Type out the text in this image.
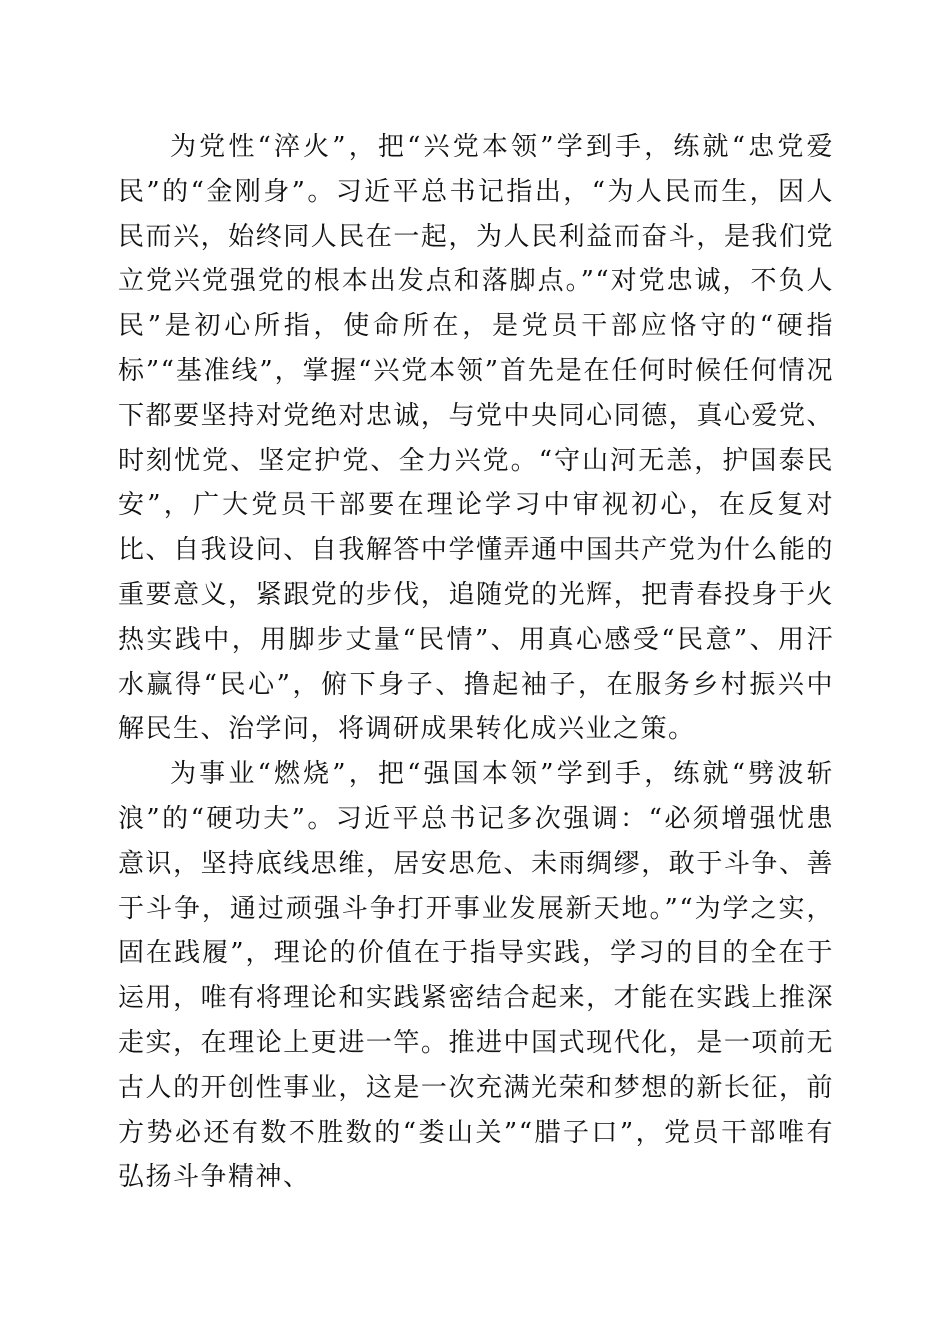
为党性“淬火”，把“兴党本领”学到手，练就“忠党爱民”的“金刚身”。习近平总书记指出，“为人民而生，因人民而兴，始终同人民在一起，为人民利益而奋斗，是我们党立党兴党强党的根本出发点和落脚点。”“对党忠诚，不负人民”是初心所指，使命所在，是党员干部应恪守的“硬指标”“基准线”，掌握“兴党本领”首先是在任何时候任何情况下都要坚持对党绝对忠诚，与党中央同心同德，真心爱党、时刻忧党、坚定护党、全力兴党。“守山河无恙，护国泰民安”，广大党员干部要在理论学习中审视初心，在反复对比、自我设问、自我解答中学懂弄通中国共产党为什么能的重要意义，紧跟党的步伐，追随党的光辉，把青春投身于火热实践中，用脚步丈量“民情”、用真心感受“民意”、用汗水赢得“民心”，俯下身子、撸起袖子，在服务乡村振兴中解民生、治学问，将调研成果转化成兴业之策。

为事业“燃烧”，把“强国本领”学到手，练就“劈波斩浪”的“硬功夫”。习近平总书记多次强调：“必须增强忧患意识，坚持底线思维，居安思危、未雨绸缪，敢于斗争、善于斗争，通过顽强斗争打开事业发展新天地。”“为学之实，固在践履”，理论的价值在于指导实践，学习的目的全在于运用，唯有将理论和实践紧密结合起来，才能在实践上推深走实，在理论上更进一竿。推进中国式现代化，是一项前无古人的开创性事业，这是一次充满光荣和梦想的新长征，前方势必还有数不胜数的“娄山关”“腊子口”，党员干部唯有弘扬斗争精神、
